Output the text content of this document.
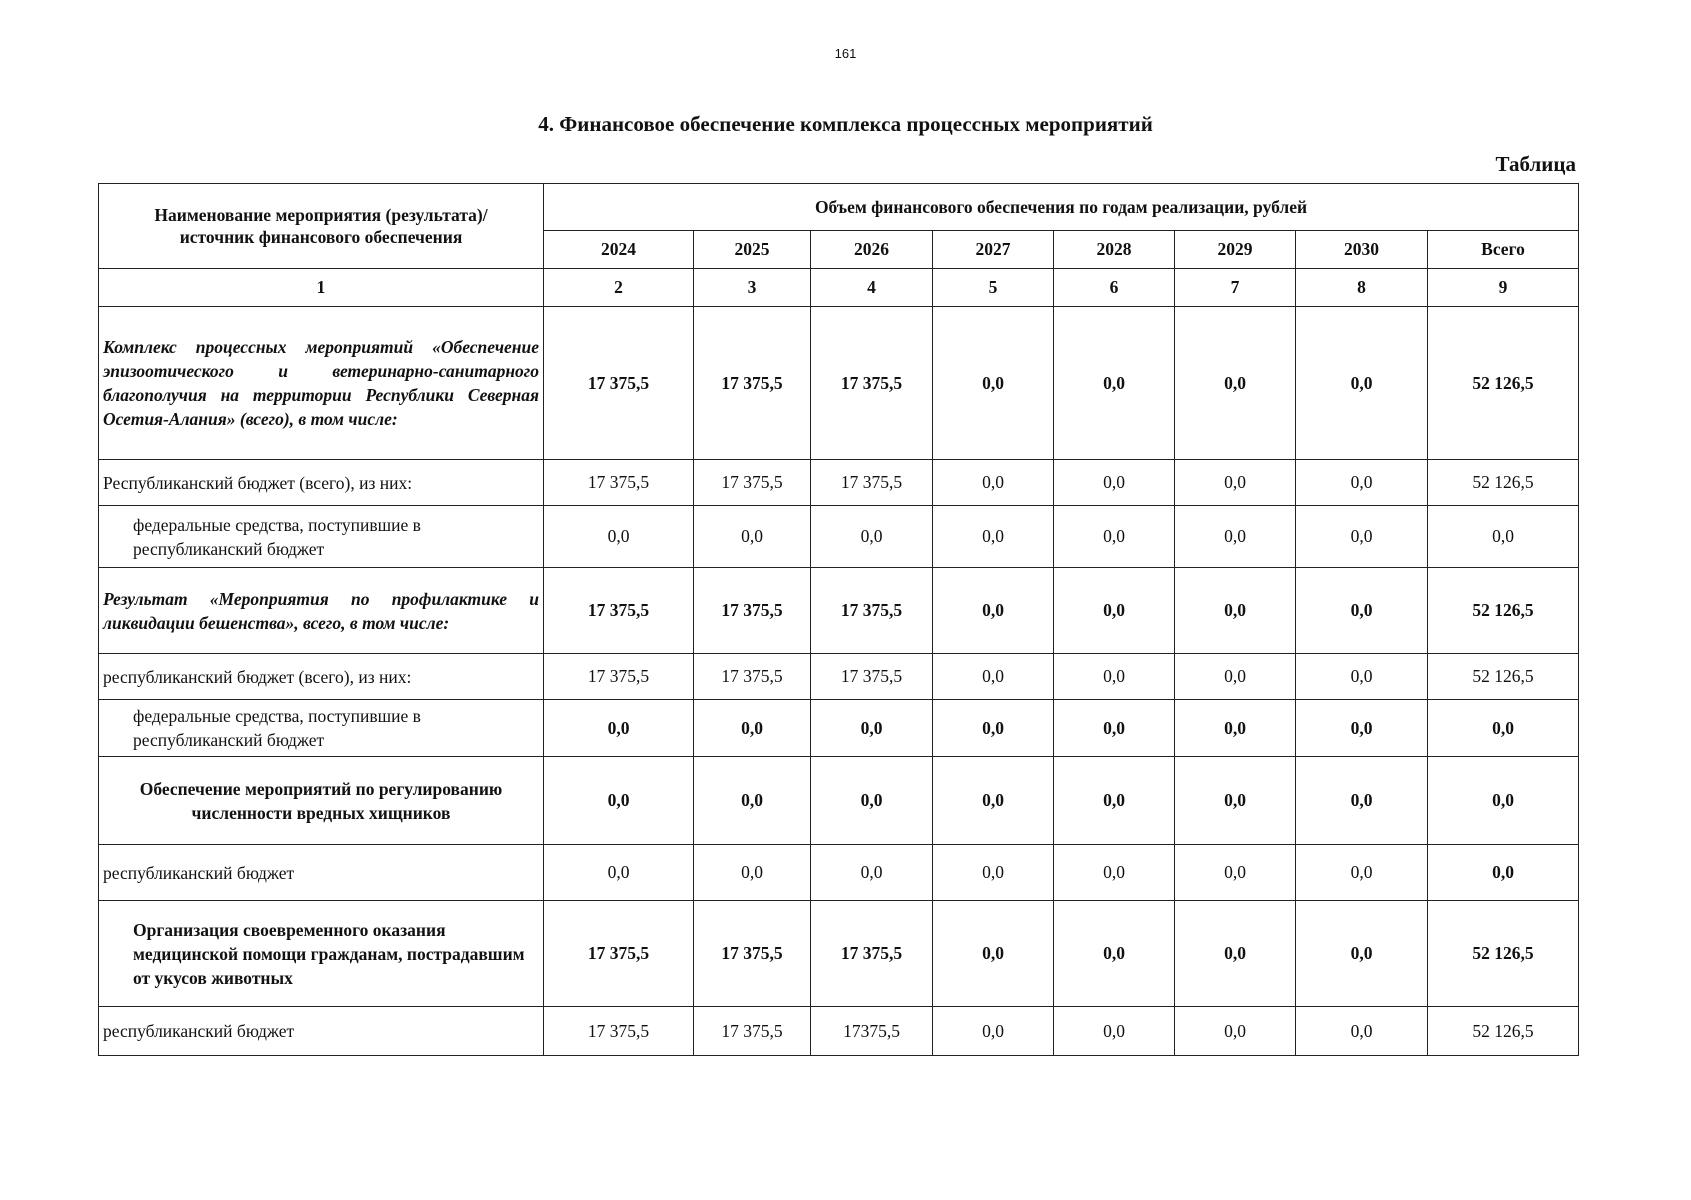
161
4. Финансовое обеспечение комплекса процессных мероприятий
Таблица
Наименование мероприятия (результата)/источник финансового обеспечения	Объем финансового обеспечения по годам реализации, рублей							
	2024	2025	2026	2027	2028	2029	2030	Всего
1	2	3	4	5	6	7	8	9
Комплекс процессных мероприятий «Обеспечение эпизоотического и ветеринарно-санитарного благополучия на территории Республики Северная Осетия-Алания» (всего), в том числе:	17 375,5	17 375,5	17 375,5	0,0	0,0	0,0	0,0	52 126,5
Республиканский бюджет (всего), из них:	17 375,5	17 375,5	17 375,5	0,0	0,0	0,0	0,0	52 126,5
федеральные средства, поступившие в республиканский бюджет	0,0	0,0	0,0	0,0	0,0	0,0	0,0	0,0
Результат «Мероприятия по профилактике и ликвидации бешенства», всего, в том числе:	17 375,5	17 375,5	17 375,5	0,0	0,0	0,0	0,0	52 126,5
республиканский бюджет (всего), из них:	17 375,5	17 375,5	17 375,5	0,0	0,0	0,0	0,0	52 126,5
федеральные средства, поступившие в республиканский бюджет	0,0	0,0	0,0	0,0	0,0	0,0	0,0	0,0
Обеспечение мероприятий по регулированию численности вредных хищников	0,0	0,0	0,0	0,0	0,0	0,0	0,0	0,0
республиканский бюджет	0,0	0,0	0,0	0,0	0,0	0,0	0,0	0,0
Организация своевременного оказания медицинской помощи гражданам, пострадавшим от укусов животных	17 375,5	17 375,5	17 375,5	0,0	0,0	0,0	0,0	52 126,5
республиканский бюджет	17 375,5	17 375,5	17375,5	0,0	0,0	0,0	0,0	52 126,5
